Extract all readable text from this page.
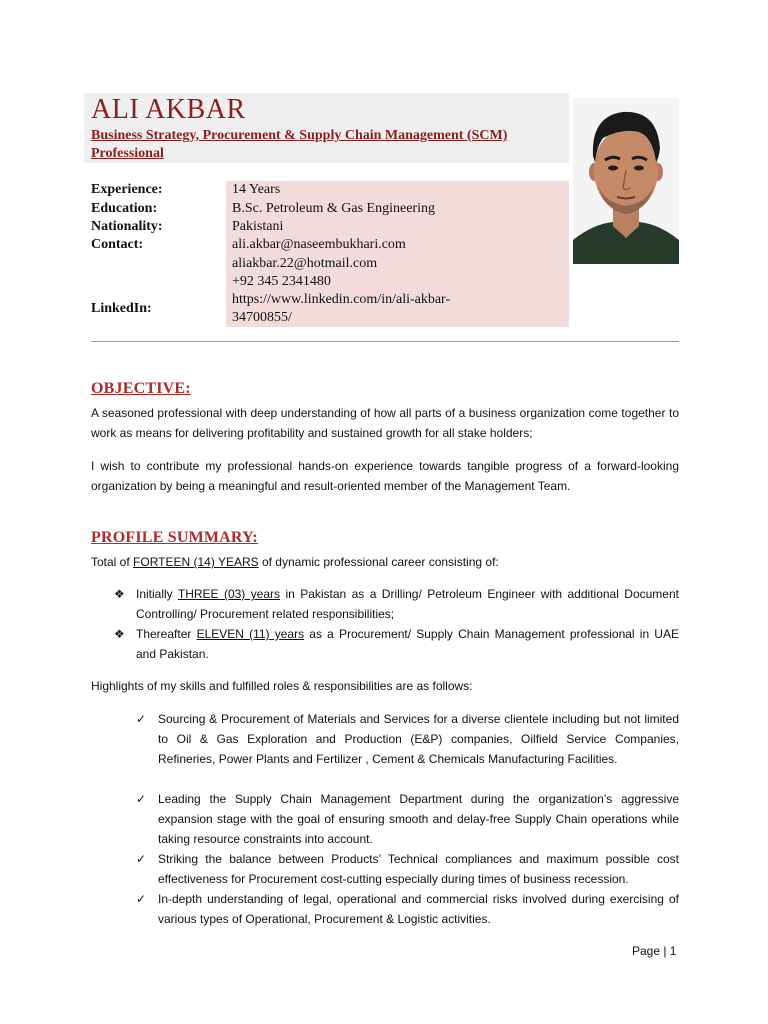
ALI AKBAR
Business Strategy, Procurement & Supply Chain Management (SCM) Professional
Experience:	14 Years
Education:	B.Sc. Petroleum & Gas Engineering
Nationality:	Pakistani
Contact:	ali.akbar@naseembukhari.com
aliakbar.22@hotmail.com
+92 345 2341480
LinkedIn:
https://www.linkedin.com/in/ali-akbar-
34700855/
OBJECTIVE:
A seasoned professional with deep understanding of how all parts of a business organization come together to work as means for delivering profitability and sustained growth for all stake holders;
I wish to contribute my professional hands-on experience towards tangible progress of a forward-looking organization by being a meaningful and result-oriented member of the Management Team.
PROFILE SUMMARY:
Total of FORTEEN (14) YEARS of dynamic professional career consisting of:
❖ Initially THREE (03) years in Pakistan as a Drilling/ Petroleum Engineer with additional Document Controlling/ Procurement related responsibilities;
❖ Thereafter ELEVEN (11) years as a Procurement/ Supply Chain Management professional in UAE and Pakistan.
Highlights of my skills and fulfilled roles & responsibilities are as follows:
✓ Sourcing & Procurement of Materials and Services for a diverse clientele including but not limited to Oil & Gas Exploration and Production (E&P) companies, Oilfield Service Companies, Refineries, Power Plants and Fertilizer , Cement & Chemicals Manufacturing Facilities.
✓ Leading the Supply Chain Management Department during the organization’s aggressive expansion stage with the goal of ensuring smooth and delay-free Supply Chain operations while taking resource constraints into account.
✓ Striking the balance between Products’ Technical compliances and maximum possible cost effectiveness for Procurement cost-cutting especially during times of business recession.
✓ In-depth understanding of legal, operational and commercial risks involved during exercising of various types of Operational, Procurement & Logistic activities.
Page | 1
